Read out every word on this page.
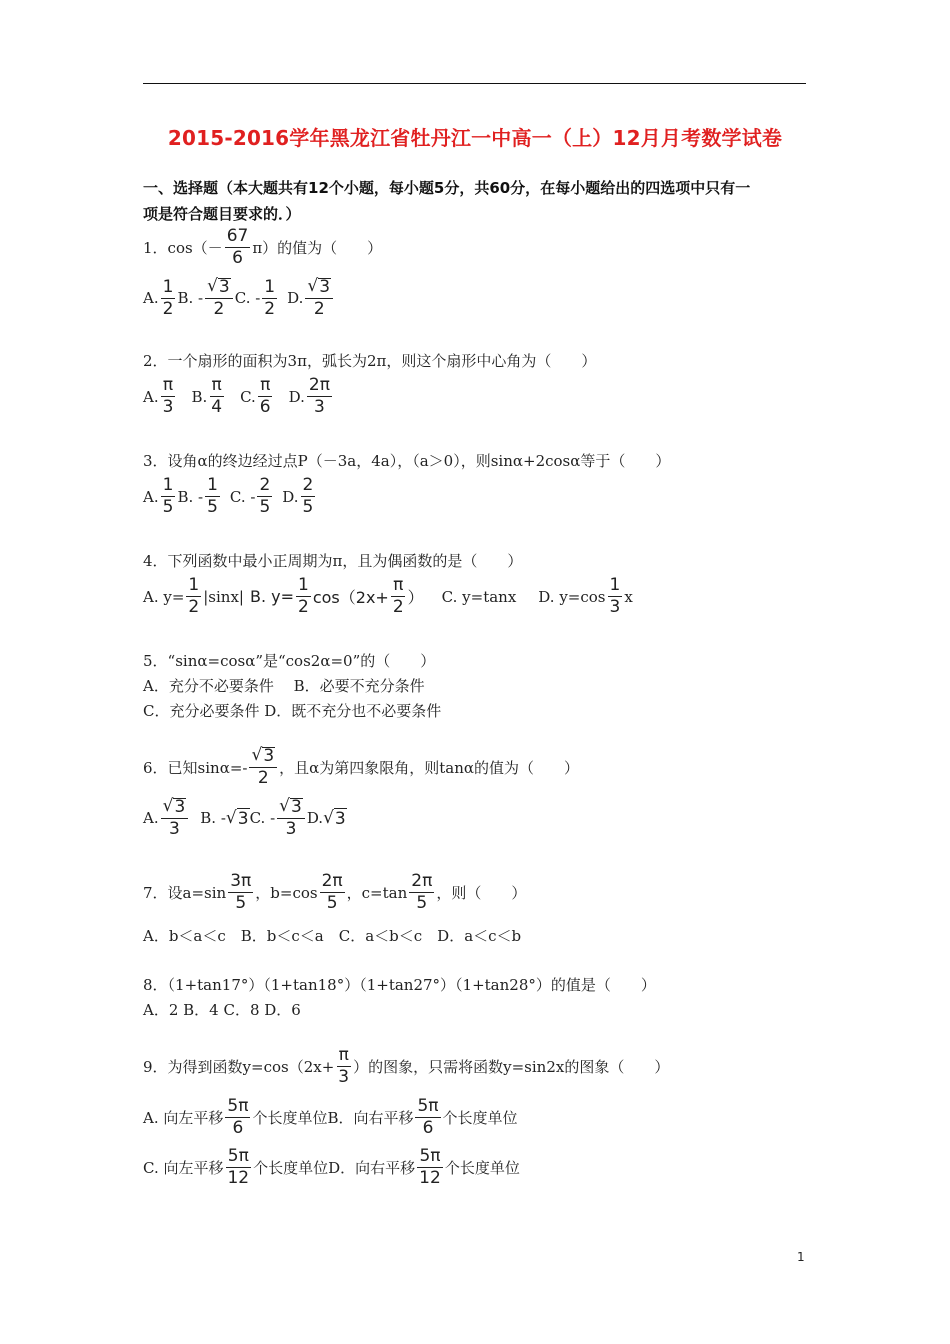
2015-2016学年黑龙江省牡丹江一中高一（上）12月月考数学试卷
一、选择题（本大题共有12个小题，每小题5分，共60分，在每小题给出的四选项中只有一
项是符合题目要求的．）
1．$\cos(- \frac{67}{6} \pi)$的值为（　　）
A. $\frac{1}{2} B$. - $\frac{√ 3}{2} C$. - $\frac{1}{2} D$. $\frac{√ 3}{2}$
2．一个扇形的面积为3π，弧长为2π，则这个扇形中心角为（　　）
A. $\frac{\pi}{3} B$. $\frac{\pi}{4} C$. $\frac{\pi}{6} D$. $\frac{2\pi}{3}$
3．设角α的终边经过点P（－3a，4a），（a＞0），则sinα+2cosα等于（　　）
A. $\frac{1}{5} B$. - $\frac{1}{5} C$. - $\frac{2}{5} D$. $\frac{2}{5}$
4．下列函数中最小正周期为π，且为偶函数的是（　　）
A. $y= \frac{1}{2} |\sin x|$ B. $y= \frac{1}{2} \cos(2x+ \frac{\pi}{2}$ ） C. y=tanx D. $y=\cos \frac{1}{3}$ x
5．“sinα=cosα”是“cos2α=0”的（　　）
A．充分不必要条件　 B．必要不充分条件
C．充分必要条件 D．既不充分也不必要条件
6．已知$\sin\alpha=- \frac{√ 3}{2}$ ，且α为第四象限角，则tanα的值为（　　）
A. $\frac{√ 3}{3} B$. - √ 3 C. - $\frac{√ 3}{3} D$. √ 3
7．设$a=\sin \frac{3\pi}{5}$ ，$b=\cos \frac{2\pi}{5}$ ，$c=\tan \frac{2\pi}{5}$ ，则（　　）
A．b＜a＜c　B．b＜c＜a　C．a＜b＜c　D．a＜c＜b
8．（1+tan17°）（1+tan18°）（1+tan27°）（1+tan28°）的值是（　　）
A．2 B．4 C．8 D．6
9．为得到函数$y=\cos(2x+ \frac{\pi}{3}$ ）的图象，只需将函数y=sin2x的图象（　　）
A. 向左平移 $\frac{5\pi}{6}$ 个长度单位 B．向右平移 $\frac{5\pi}{6}$ 个长度单位
C. 向左平移 $\frac{5\pi}{12}$ 个长度单位 D．向右平移 $\frac{5\pi}{12}$ 个长度单位
1
